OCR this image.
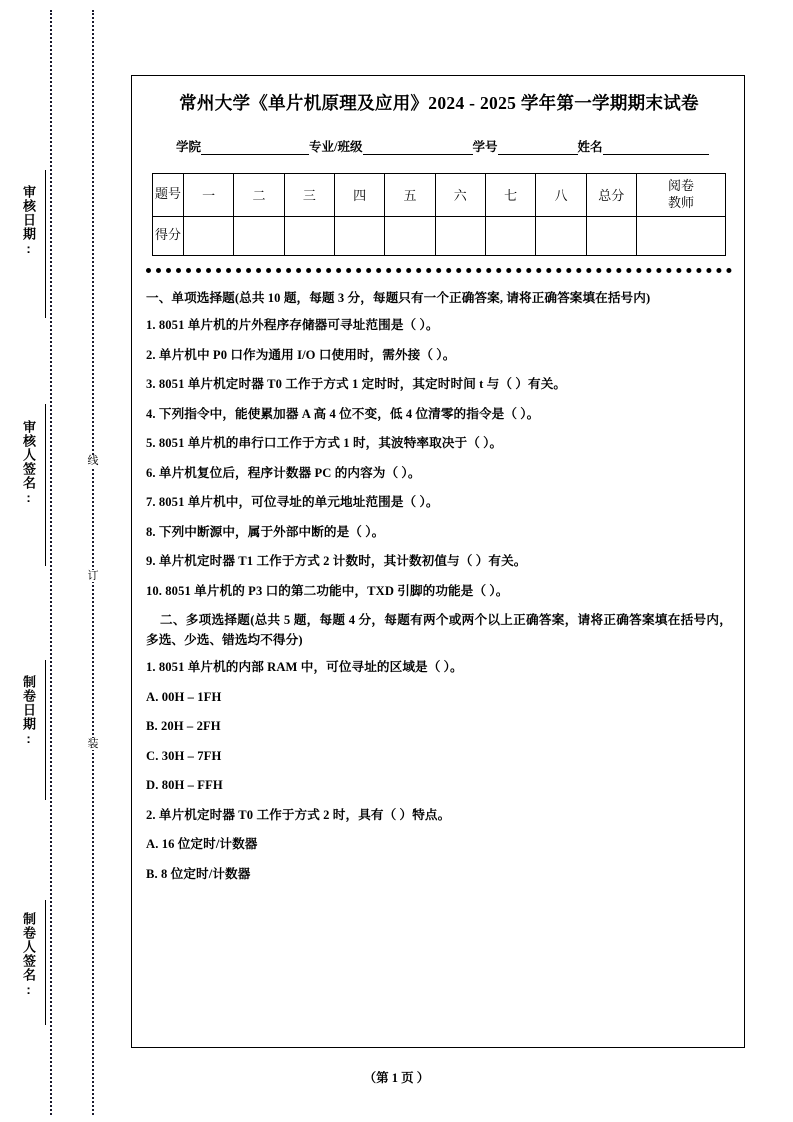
审核日期:
审核人签名:
制卷日期:
制卷人签名:
线
订
装
常州大学《单片机原理及应用》2024 - 2025 学年第一学期期末试卷
学院	专业/班级	学号	姓名
题号	一	二	三	四	五	六	七	八	总分	阅卷
教师

得分										

一、单项选择题(总共 10 题，每题 3 分，每题只有一个正确答案, 请将正确答案填在括号内)
1. 8051 单片机的片外程序存储器可寻址范围是（ ）。
2. 单片机中 P0 口作为通用 I/O 口使用时，需外接（ ）。
3. 8051 单片机定时器 T0 工作于方式 1 定时时，其定时时间 t 与（ ）有关。
4. 下列指令中，能使累加器 A 高 4 位不变，低 4 位清零的指令是（ ）。
5. 8051 单片机的串行口工作于方式 1 时，其波特率取决于（ ）。
6. 单片机复位后，程序计数器 PC 的内容为（ ）。
7. 8051 单片机中，可位寻址的单元地址范围是（ ）。
8. 下列中断源中，属于外部中断的是（ ）。
9. 单片机定时器 T1 工作于方式 2 计数时，其计数初值与（ ）有关。
10. 8051 单片机的 P3 口的第二功能中，TXD 引脚的功能是（ ）。
二、多项选择题(总共 5 题，每题 4 分，每题有两个或两个以上正确答案，请将正确答案填在括号内，多选、少选、错选均不得分)
1. 8051 单片机的内部 RAM 中，可位寻址的区域是（ ）。
A. 00H – 1FH
B. 20H – 2FH
C. 30H – 7FH
D. 80H – FFH
2. 单片机定时器 T0 工作于方式 2 时，具有（ ）特点。
A. 16 位定时/计数器
B. 8 位定时/计数器
（第 1 页 ）
